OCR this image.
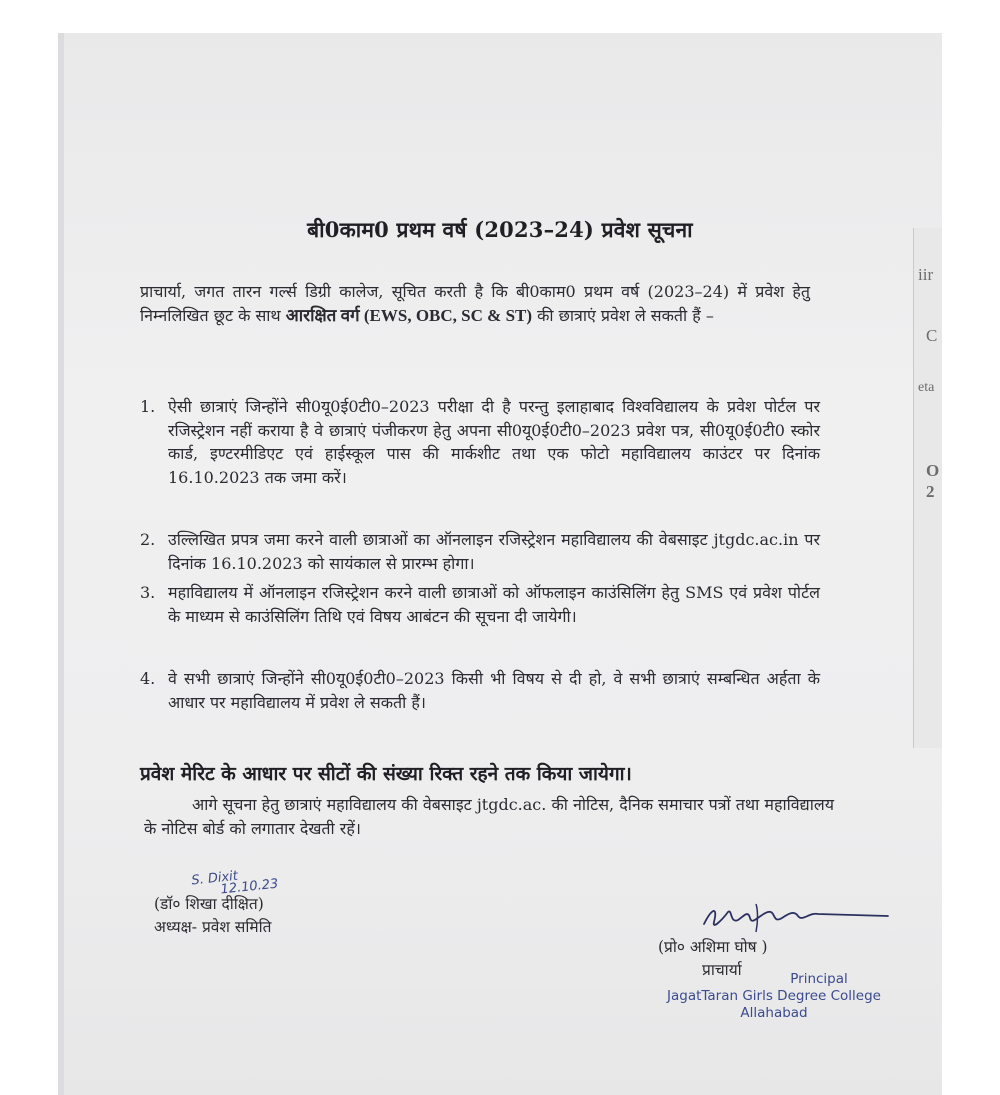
iir
C
eta
O
2
बी0काम0 प्रथम वर्ष (2023–24) प्रवेश सूचना
प्राचार्या, जगत तारन गर्ल्स डिग्री कालेज, सूचित करती है कि बी0काम0 प्रथम वर्ष (2023–24) में प्रवेश हेतु निम्नलिखित छूट के साथ आरक्षित वर्ग (EWS, OBC, SC & ST) की छात्राएं प्रवेश ले सकती हैं –
1. ऐसी छात्राएं जिन्होंने सी0यू0ई0टी0–2023 परीक्षा दी है परन्तु इलाहाबाद विश्वविद्यालय के प्रवेश पोर्टल पर रजिस्ट्रेशन नहीं कराया है वे छात्राएं पंजीकरण हेतु अपना सी0यू0ई0टी0–2023 प्रवेश पत्र, सी0यू0ई0टी0 स्कोर कार्ड, इण्टरमीडिएट एवं हाईस्कूल पास की मार्कशीट तथा एक फोटो महाविद्यालय काउंटर पर दिनांक 16.10.2023 तक जमा करें।
2. उल्लिखित प्रपत्र जमा करने वाली छात्राओं का ऑनलाइन रजिस्ट्रेशन महाविद्यालय की वेबसाइट jtgdc.ac.in पर दिनांक 16.10.2023 को सायंकाल से प्रारम्भ होगा।
3. महाविद्यालय में ऑनलाइन रजिस्ट्रेशन करने वाली छात्राओं को ऑफलाइन काउंसिलिंग हेतु SMS एवं प्रवेश पोर्टल के माध्यम से काउंसिलिंग तिथि एवं विषय आबंटन की सूचना दी जायेगी।
4. वे सभी छात्राएं जिन्होंने सी0यू0ई0टी0–2023 किसी भी विषय से दी हो, वे सभी छात्राएं सम्बन्धित अर्हता के आधार पर महाविद्यालय में प्रवेश ले सकती हैं।
प्रवेश मेरिट के आधार पर सीटों की संख्या रिक्त रहने तक किया जायेगा।
आगे सूचना हेतु छात्राएं महाविद्यालय की वेबसाइट jtgdc.ac. की नोटिस, दैनिक समाचार पत्रों तथा महाविद्यालय के नोटिस बोर्ड को लगातार देखती रहें।
S. Dixit
12.10.23
(डॉ० शिखा दीक्षित)
अध्यक्ष- प्रवेश समिति
(प्रो० अशिमा घोष )
प्राचार्या	Principal
JagatTaran Girls Degree College
Allahabad
